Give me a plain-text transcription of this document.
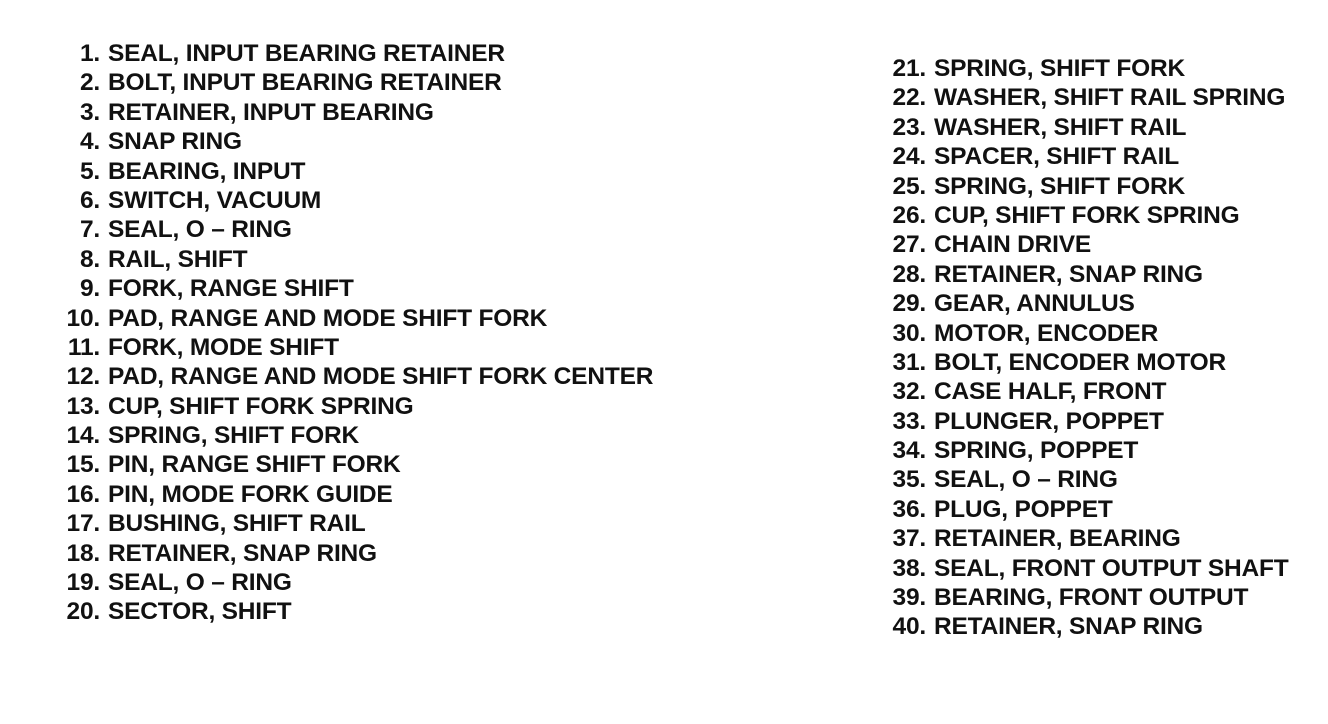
1. SEAL, INPUT BEARING RETAINER
2. BOLT, INPUT BEARING RETAINER
3. RETAINER, INPUT BEARING
4. SNAP RING
5. BEARING, INPUT
6. SWITCH, VACUUM
7. SEAL, O – RING
8. RAIL, SHIFT
9. FORK, RANGE SHIFT
10. PAD, RANGE AND MODE SHIFT FORK
11. FORK, MODE SHIFT
12. PAD, RANGE AND MODE SHIFT FORK CENTER
13. CUP, SHIFT FORK SPRING
14. SPRING, SHIFT FORK
15. PIN, RANGE SHIFT FORK
16. PIN, MODE FORK GUIDE
17. BUSHING, SHIFT RAIL
18. RETAINER, SNAP RING
19. SEAL, O – RING
20. SECTOR, SHIFT
21. SPRING, SHIFT FORK
22. WASHER, SHIFT RAIL SPRING
23. WASHER, SHIFT RAIL
24. SPACER, SHIFT RAIL
25. SPRING, SHIFT FORK
26. CUP, SHIFT FORK SPRING
27. CHAIN DRIVE
28. RETAINER, SNAP RING
29. GEAR, ANNULUS
30. MOTOR, ENCODER
31. BOLT, ENCODER MOTOR
32. CASE HALF, FRONT
33. PLUNGER, POPPET
34. SPRING, POPPET
35. SEAL, O – RING
36. PLUG, POPPET
37. RETAINER, BEARING
38. SEAL, FRONT OUTPUT SHAFT
39. BEARING, FRONT OUTPUT
40. RETAINER, SNAP RING
